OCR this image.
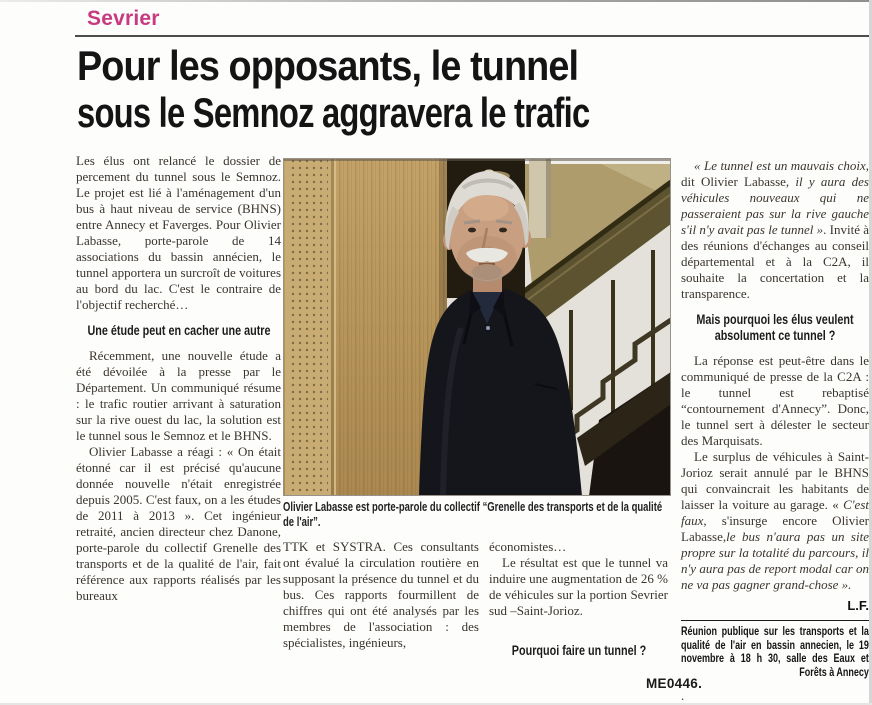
Sevrier
Pour les opposants, le tunnel
sous le Semnoz aggravera le trafic

Les élus ont relancé le dossier de percement du tunnel sous le Semnoz. Le projet est lié à l'aménagement d'un bus à haut niveau de service (BHNS) entre Annecy et Faverges. Pour Olivier Labasse, porte-parole de 14 associations du bassin annécien, le tunnel apportera un surcroît de voitures au bord du lac. C'est le contraire de l'objectif recherché…

Une étude peut en cacher une autre

Récemment, une nouvelle étude a été dévoilée à la presse par le Département. Un communiqué résume : le trafic routier arrivant à saturation sur la rive ouest du lac, la solution est le tunnel sous le Semnoz et le BHNS.

Olivier Labasse a réagi : « On était étonné car il est précisé qu'aucune donnée nouvelle n'était enregistrée depuis 2005. C'est faux, on a les études de 2011 à 2013 ». Cet ingénieur retraité, ancien directeur chez Danone, porte-parole du collectif Grenelle des transports et de la qualité de l'air, fait référence aux rapports réalisés par les bureaux

Olivier Labasse est porte-parole du collectif “Grenelle des transports et de la qualité de l'air”.

TTK et SYSTRA. Ces consultants ont évalué la circulation routière en supposant la présence du tunnel et du bus. Ces rapports fourmillent de chiffres qui ont été analysés par les membres de l'association : des spécialistes, ingénieurs,

économistes…

Le résultat est que le tunnel va induire une augmentation de 26 % de véhicules sur la portion Sevrier sud –Saint-Jorioz.

Pourquoi faire un tunnel ?

« Le tunnel est un mauvais choix, dit Olivier Labasse, il y aura des véhicules nouveaux qui ne passeraient pas sur la rive gauche s'il n'y avait pas le tunnel ». Invité à des réunions d'échanges au conseil départemental et à la C2A, il souhaite la concertation et la transparence.

Mais pourquoi les élus veulent
absolument ce tunnel ?

La réponse est peut-être dans le communiqué de presse de la C2A : le tunnel est rebaptisé “contournement d'Annecy”. Donc, le tunnel sert à délester le secteur des Marquisats.

Le surplus de véhicules à Saint-Jorioz serait annulé par le BHNS qui convaincrait les habitants de laisser la voiture au garage. « C'est faux, s'insurge encore Olivier Labasse,le bus n'aura pas un site propre sur la totalité du parcours, il n'y aura pas de report modal car on ne va pas gagner grand-chose ».

L.F.
Réunion publique sur les transports et la qualité de l'air en bassin annecien, le 19 novembre à 18 h 30, salle des Eaux et Forêts à Annecy
.
ME0446.
